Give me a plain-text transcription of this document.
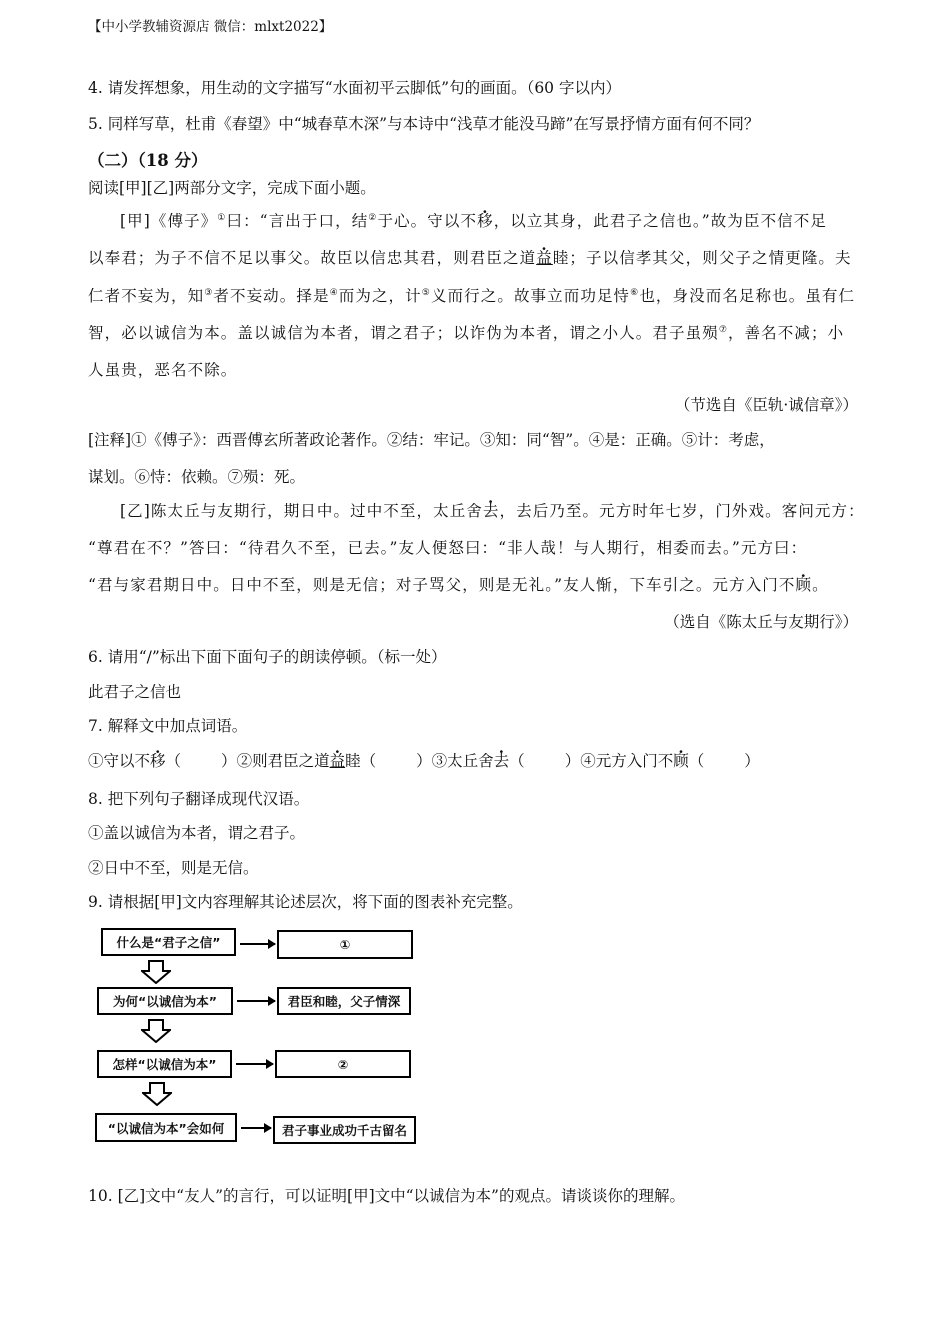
【中小学教辅资源店 微信：mlxt2022】
4. 请发挥想象，用生动的文字描写“水面初平云脚低”句的画面。（60 字以内）
5. 同样写草，杜甫《春望》中“城春草木深”与本诗中“浅草才能没马蹄”在写景抒情方面有何不同？
（二）（18 分）
阅读[甲][乙]两部分文字，完成下面小题。
[甲]《傅子》①曰：“言出于口，结②于心。守以不移，以立其身，此君子之信也。”故为臣不信不足
以奉君；为子不信不足以事父。故臣以信忠其君，则君臣之道益睦；子以信孝其父，则父子之情更隆。夫
仁者不妄为，知③者不妄动。择是④而为之，计⑤义而行之。故事立而功足恃⑥也，身没而名足称也。虽有仁
智，必以诚信为本。盖以诚信为本者，谓之君子；以诈伪为本者，谓之小人。君子虽殒⑦，善名不减；小
人虽贵，恶名不除。
（节选自《臣轨·诚信章》）
[注释]①《傅子》：西晋傅玄所著政论著作。②结：牢记。③知：同“智”。④是：正确。⑤计：考虑，
谋划。⑥恃：依赖。⑦殒：死。
[乙]陈太丘与友期行，期日中。过中不至，太丘舍去，去后乃至。元方时年七岁，门外戏。客问元方：
“尊君在不？”答曰：“待君久不至，已去。”友人便怒曰：“非人哉！与人期行，相委而去。”元方曰：
“君与家君期日中。日中不至，则是无信；对子骂父，则是无礼。”友人惭，下车引之。元方入门不顾。
（选自《陈太丘与友期行》）
6. 请用“/”标出下面下面句子的朗读停顿。（标一处）
此君子之信也
7. 解释文中加点词语。
①守以不移（	）②则君臣之道益睦（	）③太丘舍去（	）④元方入门不顾（	）
8. 把下列句子翻译成现代汉语。
①盖以诚信为本者，谓之君子。
②日中不至，则是无信。
9. 请根据[甲]文内容理解其论述层次，将下面的图表补充完整。
什么是“君子之信”	①
为何“以诚信为本”	君臣和睦，父子情深
怎样“以诚信为本”	②
“以诚信为本”会如何	君子事业成功千古留名
10. [乙]文中“友人”的言行，可以证明[甲]文中“以诚信为本”的观点。请谈谈你的理解。
